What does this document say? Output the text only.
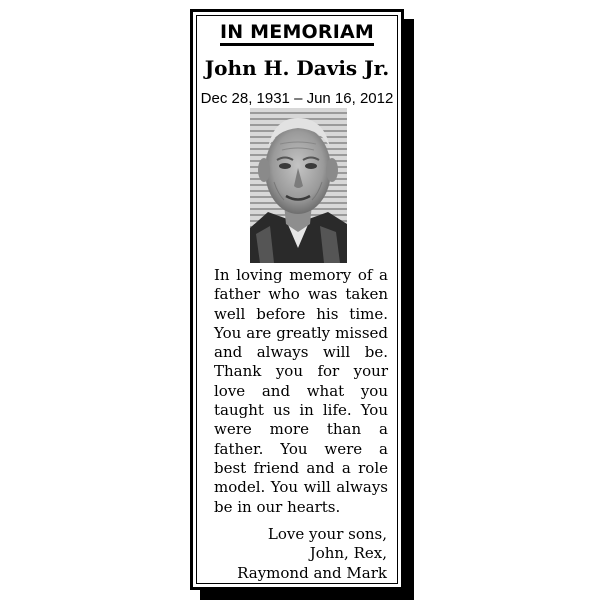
IN MEMORIAM
John H. Davis Jr.
Dec 28, 1931 – Jun 16, 2012

In loving memory of a father who was taken well before his time. You are greatly missed and always will be. Thank you for your love and what you taught us in life. You were more than a father. You were a best friend and a role model. You will always be in our hearts.

Love your sons,
John, Rex,
Raymond and Mark
